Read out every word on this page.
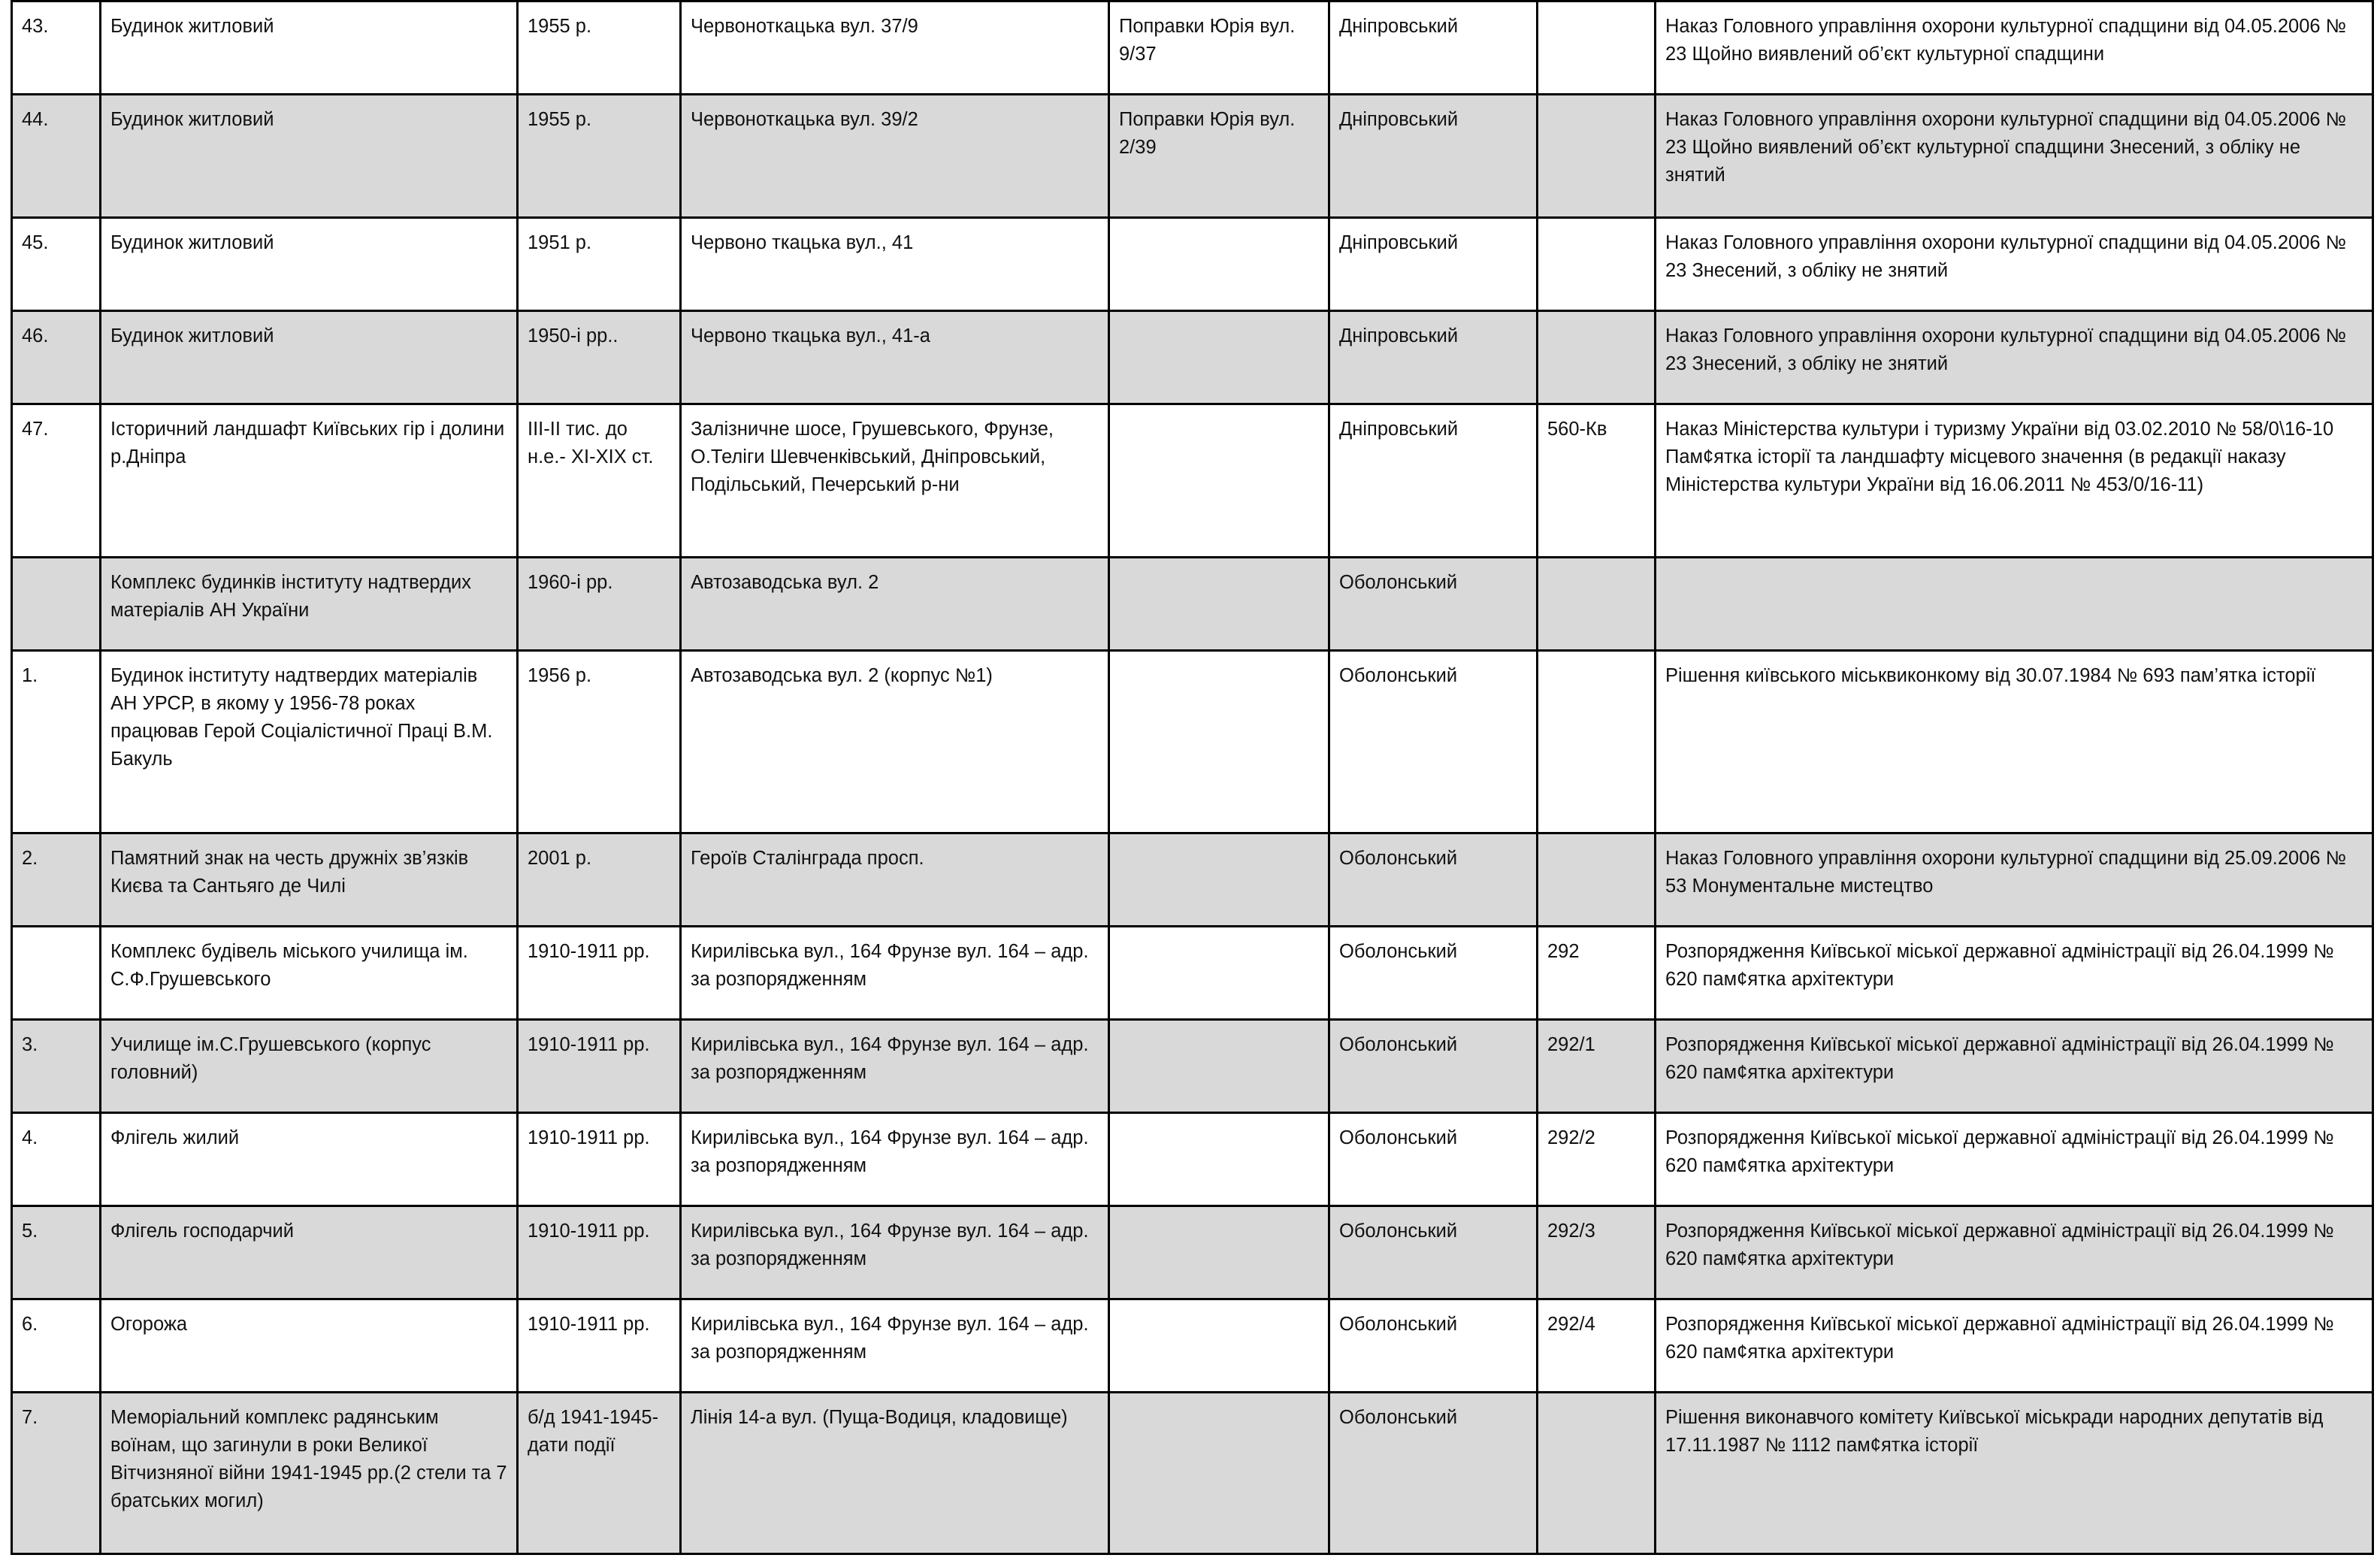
43.	Будинок житловий	1955 р.	Червоноткацька вул. 37/9	Поправки Юрія вул. 9/37	Дніпровський		Наказ Головного управління охорони культурної спадщини від 04.05.2006 № 23 Щойно виявлений об’єкт культурної спадщини
44.	Будинок житловий	1955 р.	Червоноткацька вул. 39/2	Поправки Юрія вул. 2/39	Дніпровський		Наказ Головного управління охорони культурної спадщини від 04.05.2006 № 23 Щойно виявлений об’єкт культурної спадщини Знесений, з обліку не знятий
45.	Будинок житловий	1951 р.	Червоно ткацька вул., 41		Дніпровський		Наказ Головного управління охорони культурної спадщини від 04.05.2006 № 23 Знесений, з обліку не знятий
46.	Будинок житловий	1950-і рр..	Червоно ткацька вул., 41-а		Дніпровський		Наказ Головного управління охорони культурної спадщини від 04.05.2006 № 23 Знесений, з обліку не знятий
47.	Історичний ландшафт Київських гір і долини р.Дніпра	ІІІ-ІІ тис. до н.е.- ХІ-ХІХ ст.	Залізничне шосе, Грушевського, Фрунзе, О.Теліги Шевченківський, Дніпровський, Подільський, Печерський р-ни		Дніпровський	560-Кв	Наказ Міністерства культури і туризму України від 03.02.2010 № 58/0\16-10 Пам¢ятка історії та ландшафту місцевого значення (в редакції наказу Міністерства культури України від 16.06.2011 № 453/0/16-11)
	Комплекс будинків інституту надтвердих матеріалів АН України	1960-і рр.	Автозаводська вул. 2		Оболонський		
1.	Будинок інституту надтвердих матеріалів АН УРСР, в якому у 1956-78 роках працював Герой Соціалістичної Праці В.М. Бакуль	1956 р.	Автозаводська вул. 2 (корпус №1)		Оболонський		Рішення київського міськвиконкому від 30.07.1984 № 693 пам’ятка історії
2.	Памятний знак на честь дружніх зв’язків Києва та Сантьяго де Чилі	2001 р.	Героїв Сталінграда просп.		Оболонський		Наказ Головного управління охорони культурної спадщини від 25.09.2006 № 53 Монументальне мистецтво
	Комплекс будівель міського училища ім. С.Ф.Грушевського	1910-1911 рр.	Кирилівська вул., 164 Фрунзе вул. 164 – адр. за розпорядженням		Оболонський	292	Розпорядження Київської міської державної адміністрації від 26.04.1999 № 620 пам¢ятка архітектури
3.	Училище ім.С.Грушевського (корпус головний)	1910-1911 рр.	Кирилівська вул., 164 Фрунзе вул. 164 – адр. за розпорядженням		Оболонський	292/1	Розпорядження Київської міської державної адміністрації від 26.04.1999 № 620 пам¢ятка архітектури
4.	Флігель жилий	1910-1911 рр.	Кирилівська вул., 164 Фрунзе вул. 164 – адр. за розпорядженням		Оболонський	292/2	Розпорядження Київської міської державної адміністрації від 26.04.1999 № 620 пам¢ятка архітектури
5.	Флігель господарчий	1910-1911 рр.	Кирилівська вул., 164 Фрунзе вул. 164 – адр. за розпорядженням		Оболонський	292/3	Розпорядження Київської міської державної адміністрації від 26.04.1999 № 620 пам¢ятка архітектури
6.	Огорожа	1910-1911 рр.	Кирилівська вул., 164 Фрунзе вул. 164 – адр. за розпорядженням		Оболонський	292/4	Розпорядження Київської міської державної адміністрації від 26.04.1999 № 620 пам¢ятка архітектури
7.	Меморіальний комплекс радянським воїнам, що загинули в роки Великої Вітчизняної війни 1941-1945 рр.(2 стели та 7 братських могил)	б/д 1941-1945-дати події	Лінія 14-а вул. (Пуща-Водиця, кладовище)		Оболонський		Рішення виконавчого комітету Київської міськради народних депутатів від 17.11.1987 № 1112 пам¢ятка історії
